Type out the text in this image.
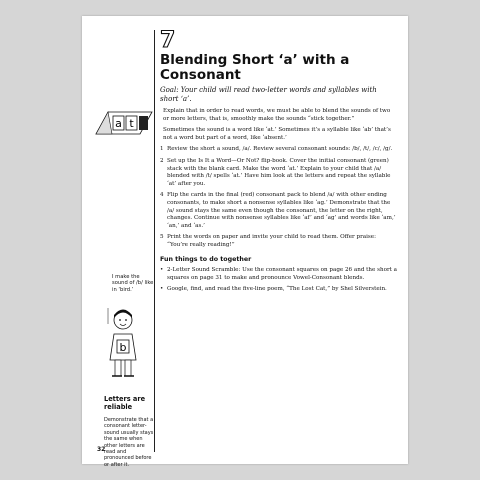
7
Blending Short ‘a’ with a Consonant
Goal: Your child will read two-letter words and syllables with short ‘a’.
a t

Explain that in order to read words, we must be able to blend the sounds of two or more letters, that is, smoothly make the sounds “stick together.”

Sometimes the sound is a word like ‘at.’ Sometimes it’s a syllable like ‘ab’ that’s not a word but part of a word, like ‘absent.’

1 Review the short a sound, /a/. Review several consonant sounds: /b/, /t/, /c/, /g/.
2 Set up the Is It a Word—Or Not? flip-book. Cover the initial consonant (green) stack with the blank card. Make the word ‘at.’ Explain to your child that /a/ blended with /t/ spells ‘at.’ Have him look at the letters and repeat the syllable ‘at’ after you.
4 Flip the cards in the final (red) consonant pack to blend /a/ with other ending consonants, to make short a nonsense syllables like ‘ag.’ Demonstrate that the /a/ sound stays the same even though the consonant, the letter on the right, changes. Continue with nonsense syllables like ‘af’ and ‘ag’ and words like ‘am,’ ‘an,’ and ‘as.’
5 Print the words on paper and invite your child to read them. Offer praise: “You’re really reading!”
Fun things to do together
• 2-Letter Sound Scramble: Use the consonant squares on page 26 and the short a squares on page 31 to make and pronounce Vowel-Consonant blends.
• Google, find, and read the five-line poem, “The Lost Cat,” by Shel Silverstein.
I make the sound of /b/ like in ‘bird.’
b
Letters are reliable
Demonstrate that a consonant letter-sound usually stays the same when other letters are read and pronounced before or after it.
32
